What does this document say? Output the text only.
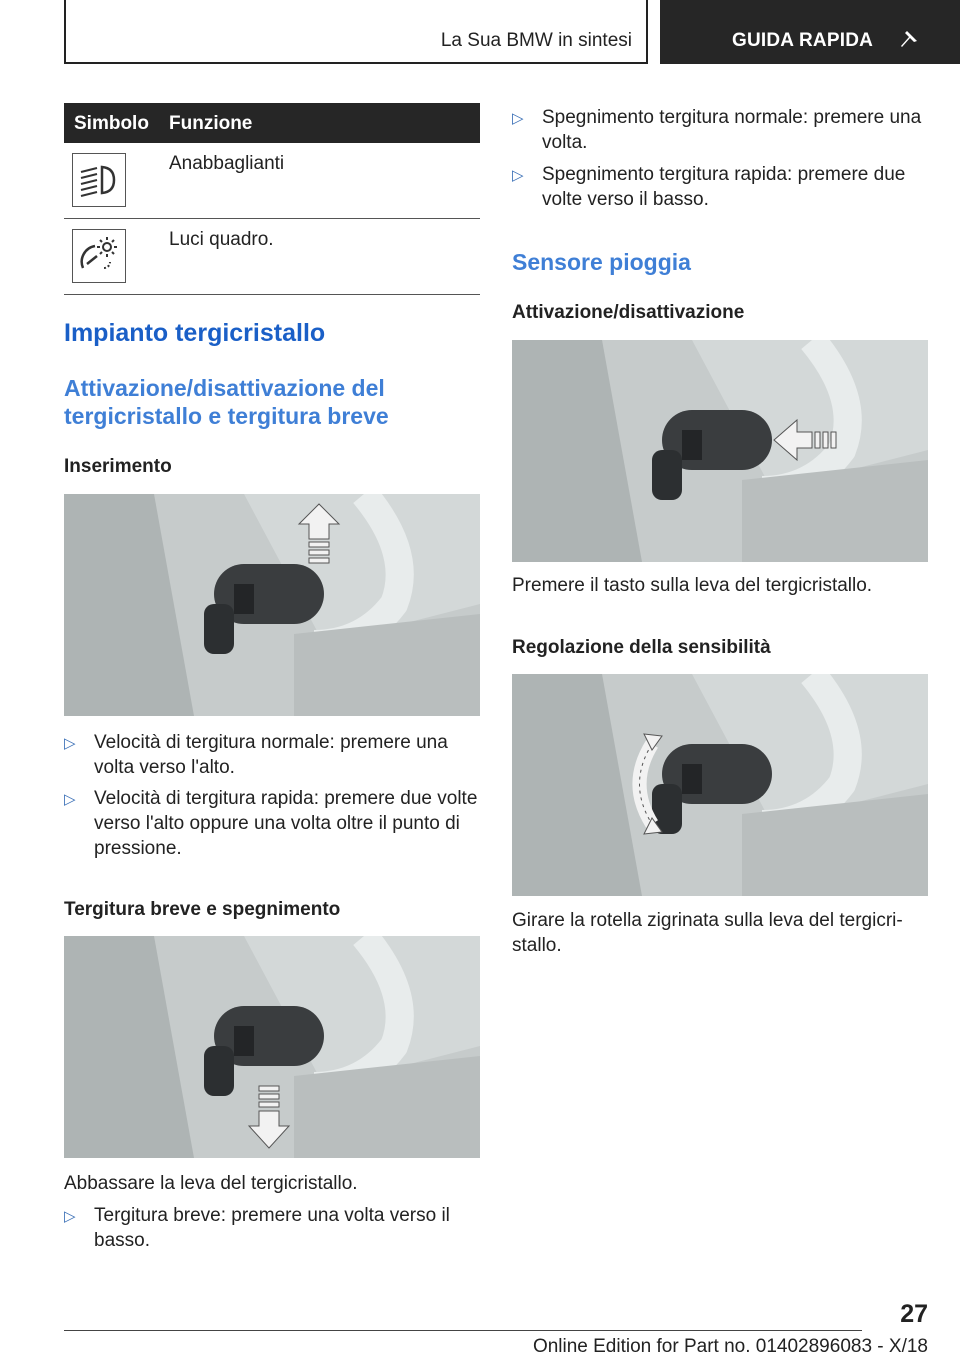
La Sua BMW in sintesi	GUIDA RAPIDA
Simbolo Funzione
Anabbaglianti
Luci quadro.
Impianto tergicristallo
Attivazione/disattivazione del
tergicristallo e tergitura breve
Inserimento
▷ Velocità di tergitura normale: premere una
volta verso l'alto.
▷ Velocità di tergitura rapida: premere due volte
verso l'alto oppure una volta oltre il punto di
pressione.
Tergitura breve e spegnimento

Abbassare la leva del tergicristallo.

▷ Tergitura breve: premere una volta verso il
basso.
▷ Spegnimento tergitura normale: premere una
volta.
▷ Spegnimento tergitura rapida: premere due
volte verso il basso.
Sensore pioggia
Attivazione/disattivazione

Premere il tasto sulla leva del tergicristallo.

Regolazione della sensibilità

Girare la rotella zigrinata sulla leva del tergicri-

stallo.

27
Online Edition for Part no. 01402896083 - X/18
